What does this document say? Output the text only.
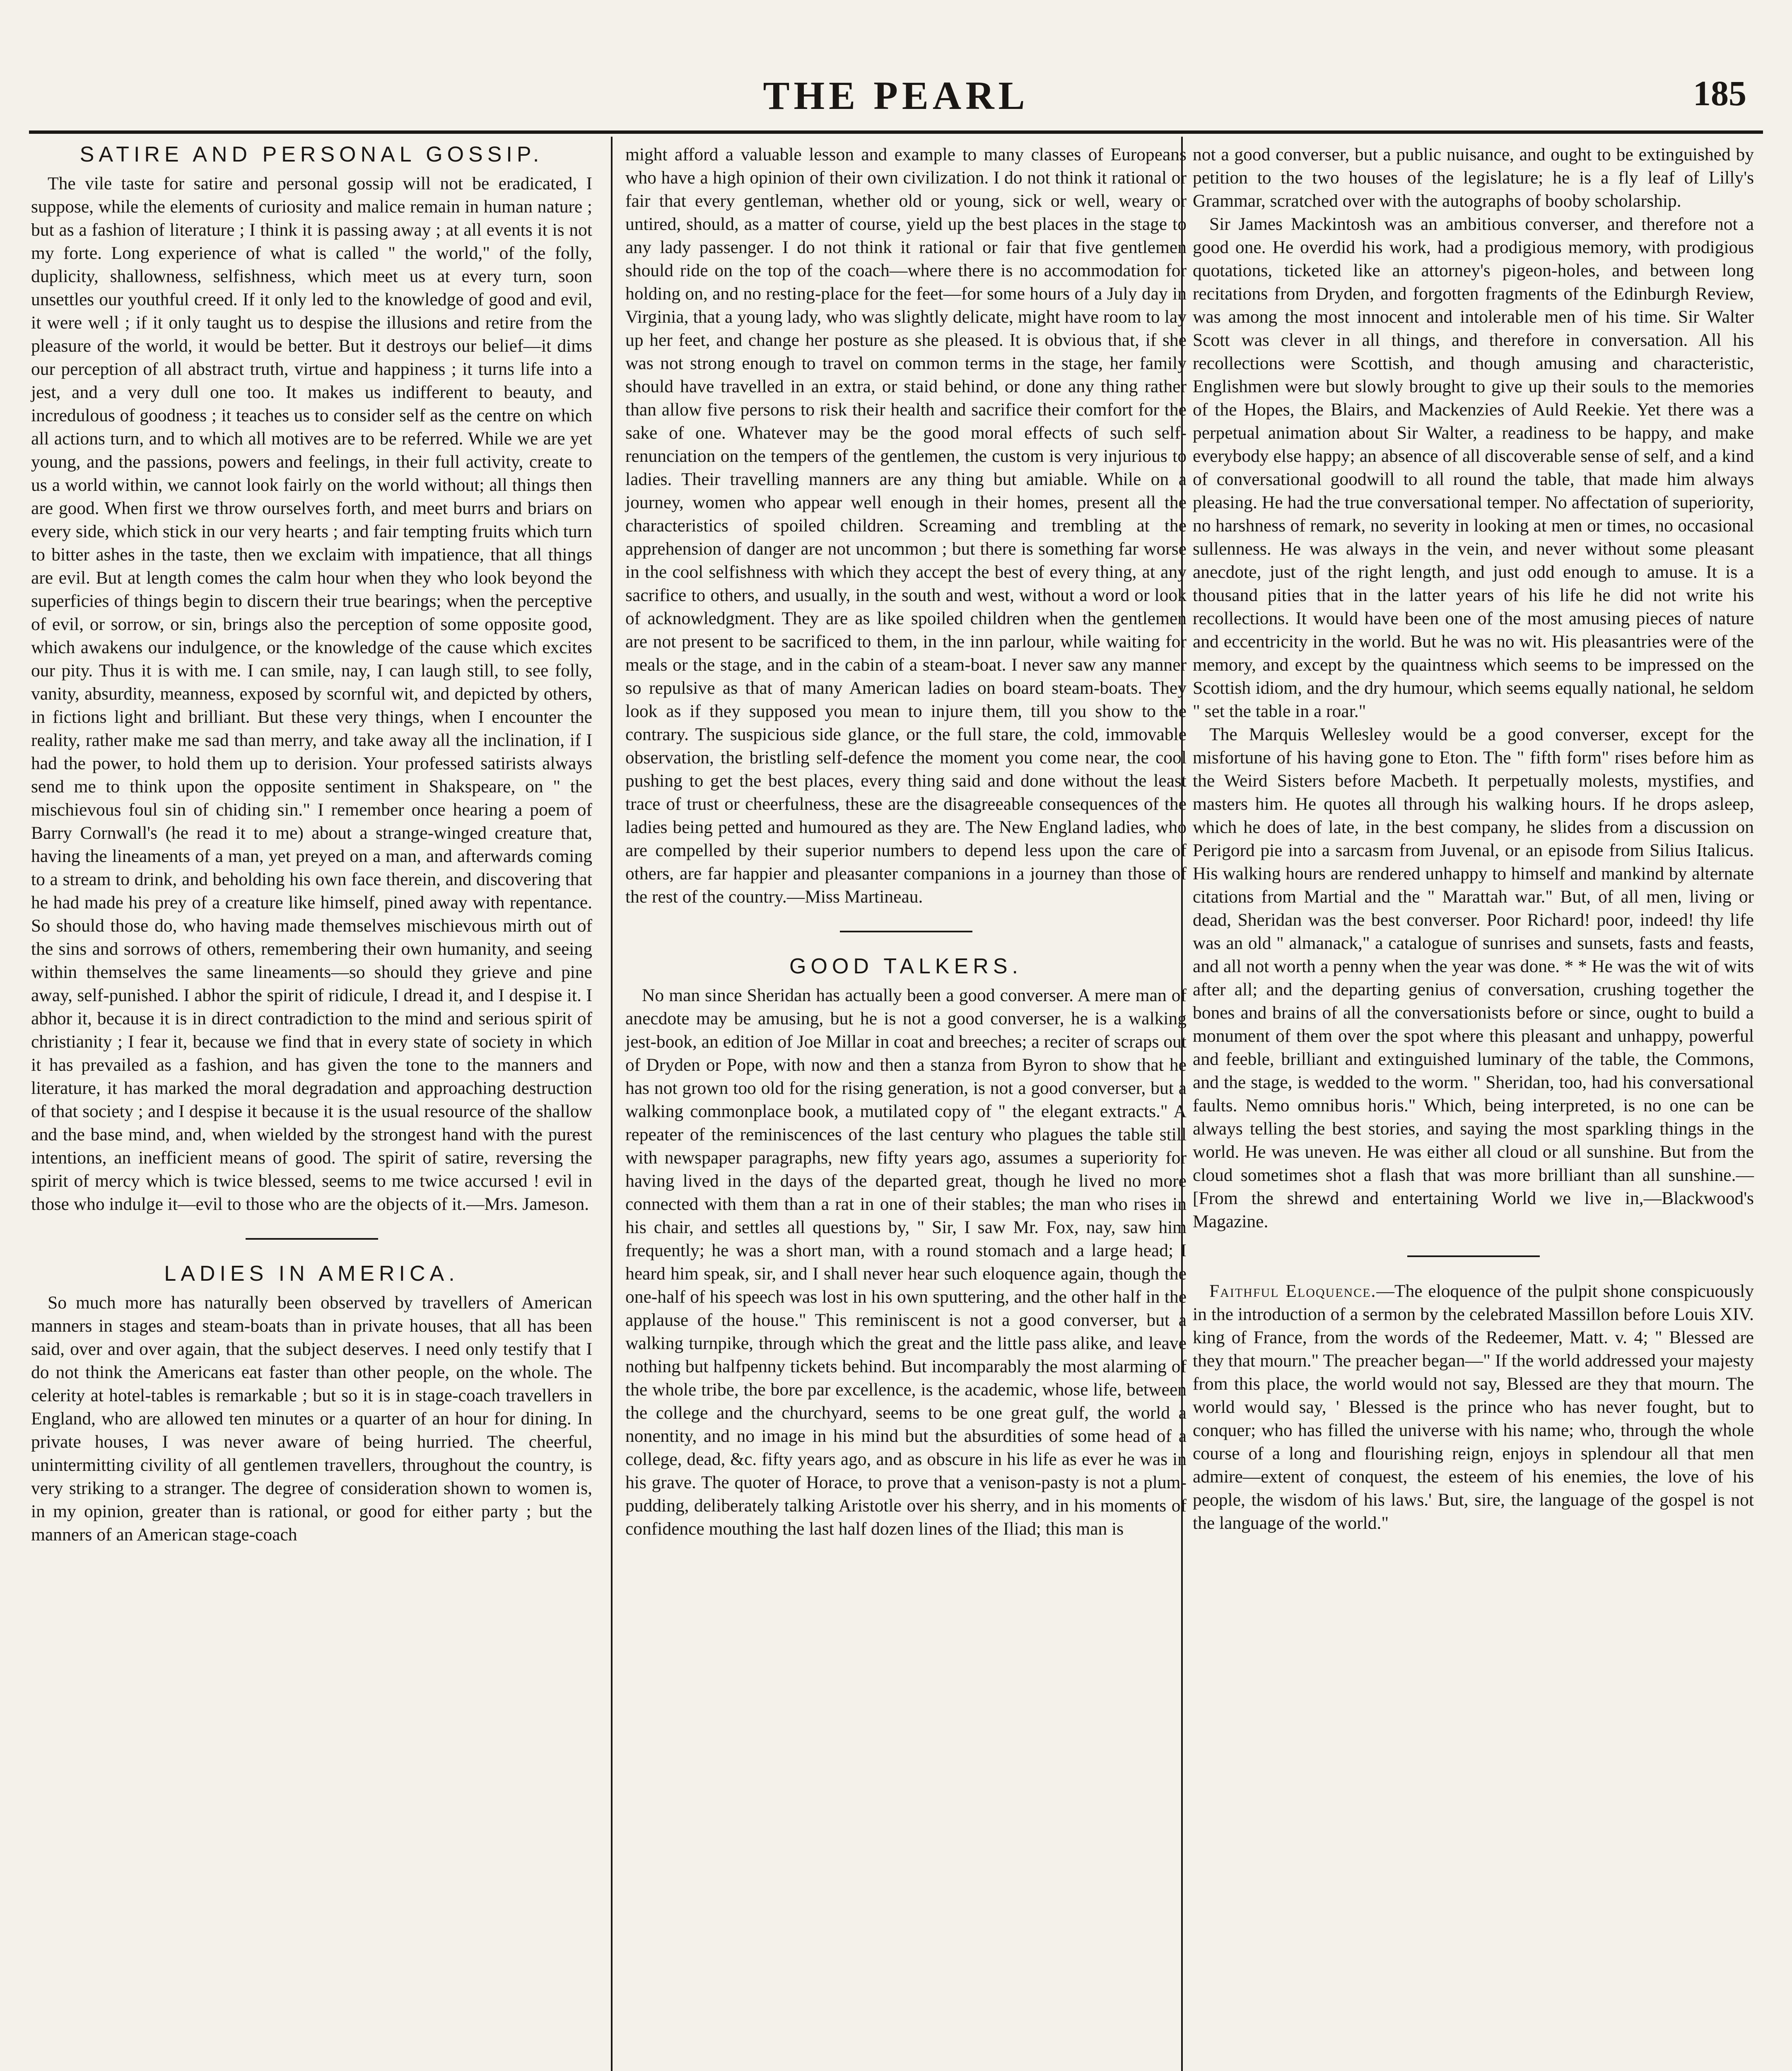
THE PEARL	185
SATIRE AND PERSONAL GOSSIP.

The vile taste for satire and personal gossip will not be eradicated, I suppose, while the elements of curiosity and malice remain in human nature ; but as a fashion of literature ; I think it is passing away ; at all events it is not my forte. Long experience of what is called " the world," of the folly, duplicity, shallowness, selfishness, which meet us at every turn, soon unsettles our youthful creed. If it only led to the knowledge of good and evil, it were well ; if it only taught us to despise the illusions and retire from the pleasure of the world, it would be better. But it destroys our belief—it dims our perception of all abstract truth, virtue and happiness ; it turns life into a jest, and a very dull one too. It makes us indifferent to beauty, and incredulous of goodness ; it teaches us to consider self as the centre on which all actions turn, and to which all motives are to be referred. While we are yet young, and the passions, powers and feelings, in their full activity, create to us a world within, we cannot look fairly on the world without; all things then are good. When first we throw ourselves forth, and meet burrs and briars on every side, which stick in our very hearts ; and fair tempting fruits which turn to bitter ashes in the taste, then we exclaim with impatience, that all things are evil. But at length comes the calm hour when they who look beyond the superficies of things begin to discern their true bearings; when the perceptive of evil, or sorrow, or sin, brings also the perception of some opposite good, which awakens our indulgence, or the knowledge of the cause which excites our pity. Thus it is with me. I can smile, nay, I can laugh still, to see folly, vanity, absurdity, meanness, exposed by scornful wit, and depicted by others, in fictions light and brilliant. But these very things, when I encounter the reality, rather make me sad than merry, and take away all the inclination, if I had the power, to hold them up to derision. Your professed satirists always send me to think upon the opposite sentiment in Shakspeare, on " the mischievous foul sin of chiding sin." I remember once hearing a poem of Barry Cornwall's (he read it to me) about a strange-winged creature that, having the lineaments of a man, yet preyed on a man, and afterwards coming to a stream to drink, and beholding his own face therein, and discovering that he had made his prey of a creature like himself, pined away with repentance. So should those do, who having made themselves mischievous mirth out of the sins and sorrows of others, remembering their own humanity, and seeing within themselves the same lineaments—so should they grieve and pine away, self-punished. I abhor the spirit of ridicule, I dread it, and I despise it. I abhor it, because it is in direct contradiction to the mind and serious spirit of christianity ; I fear it, because we find that in every state of society in which it has prevailed as a fashion, and has given the tone to the manners and literature, it has marked the moral degradation and approaching destruction of that society ; and I despise it because it is the usual resource of the shallow and the base mind, and, when wielded by the strongest hand with the purest intentions, an inefficient means of good. The spirit of satire, reversing the spirit of mercy which is twice blessed, seems to me twice accursed ! evil in those who indulge it—evil to those who are the objects of it.—Mrs. Jameson.

LADIES IN AMERICA.

So much more has naturally been observed by travellers of American manners in stages and steam-boats than in private houses, that all has been said, over and over again, that the subject deserves. I need only testify that I do not think the Americans eat faster than other people, on the whole. The celerity at hotel-tables is remarkable ; but so it is in stage-coach travellers in England, who are allowed ten minutes or a quarter of an hour for dining. In private houses, I was never aware of being hurried. The cheerful, unintermitting civility of all gentlemen travellers, throughout the country, is very striking to a stranger. The degree of consideration shown to women is, in my opinion, greater than is rational, or good for either party ; but the manners of an American stage-coach

might afford a valuable lesson and example to many classes of Europeans who have a high opinion of their own civilization. I do not think it rational or fair that every gentleman, whether old or young, sick or well, weary or untired, should, as a matter of course, yield up the best places in the stage to any lady passenger. I do not think it rational or fair that five gentlemen should ride on the top of the coach—where there is no accommodation for holding on, and no resting-place for the feet—for some hours of a July day in Virginia, that a young lady, who was slightly delicate, might have room to lay up her feet, and change her posture as she pleased. It is obvious that, if she was not strong enough to travel on common terms in the stage, her family should have travelled in an extra, or staid behind, or done any thing rather than allow five persons to risk their health and sacrifice their comfort for the sake of one. Whatever may be the good moral effects of such self-renunciation on the tempers of the gentlemen, the custom is very injurious to ladies. Their travelling manners are any thing but amiable. While on a journey, women who appear well enough in their homes, present all the characteristics of spoiled children. Screaming and trembling at the apprehension of danger are not uncommon ; but there is something far worse in the cool selfishness with which they accept the best of every thing, at any sacrifice to others, and usually, in the south and west, without a word or look of acknowledgment. They are as like spoiled children when the gentlemen are not present to be sacrificed to them, in the inn parlour, while waiting for meals or the stage, and in the cabin of a steam-boat. I never saw any manner so repulsive as that of many American ladies on board steam-boats. They look as if they supposed you mean to injure them, till you show to the contrary. The suspicious side glance, or the full stare, the cold, immovable observation, the bristling self-defence the moment you come near, the cool pushing to get the best places, every thing said and done without the least trace of trust or cheerfulness, these are the disagreeable consequences of the ladies being petted and humoured as they are. The New England ladies, who are compelled by their superior numbers to depend less upon the care of others, are far happier and pleasanter companions in a journey than those of the rest of the country.—Miss Martineau.

GOOD TALKERS.

No man since Sheridan has actually been a good converser. A mere man of anecdote may be amusing, but he is not a good converser, he is a walking jest-book, an edition of Joe Millar in coat and breeches; a reciter of scraps out of Dryden or Pope, with now and then a stanza from Byron to show that he has not grown too old for the rising generation, is not a good converser, but a walking commonplace book, a mutilated copy of " the elegant extracts." A repeater of the reminiscences of the last century who plagues the table still with newspaper paragraphs, new fifty years ago, assumes a superiority for having lived in the days of the departed great, though he lived no more connected with them than a rat in one of their stables; the man who rises in his chair, and settles all questions by, " Sir, I saw Mr. Fox, nay, saw him frequently; he was a short man, with a round stomach and a large head; I heard him speak, sir, and I shall never hear such eloquence again, though the one-half of his speech was lost in his own sputtering, and the other half in the applause of the house." This reminiscent is not a good converser, but a walking turnpike, through which the great and the little pass alike, and leave nothing but halfpenny tickets behind. But incomparably the most alarming of the whole tribe, the bore par excellence, is the academic, whose life, between the college and the churchyard, seems to be one great gulf, the world a nonentity, and no image in his mind but the absurdities of some head of a college, dead, &c. fifty years ago, and as obscure in his life as ever he was in his grave. The quoter of Horace, to prove that a venison-pasty is not a plum-pudding, deliberately talking Aristotle over his sherry, and in his moments of confidence mouthing the last half dozen lines of the Iliad; this man is

not a good converser, but a public nuisance, and ought to be extinguished by petition to the two houses of the legislature; he is a fly leaf of Lilly's Grammar, scratched over with the autographs of booby scholarship.

Sir James Mackintosh was an ambitious converser, and therefore not a good one. He overdid his work, had a prodigious memory, with prodigious quotations, ticketed like an attorney's pigeon-holes, and between long recitations from Dryden, and forgotten fragments of the Edinburgh Review, was among the most innocent and intolerable men of his time. Sir Walter Scott was clever in all things, and therefore in conversation. All his recollections were Scottish, and though amusing and characteristic, Englishmen were but slowly brought to give up their souls to the memories of the Hopes, the Blairs, and Mackenzies of Auld Reekie. Yet there was a perpetual animation about Sir Walter, a readiness to be happy, and make everybody else happy; an absence of all discoverable sense of self, and a kind of conversational goodwill to all round the table, that made him always pleasing. He had the true conversational temper. No affectation of superiority, no harshness of remark, no severity in looking at men or times, no occasional sullenness. He was always in the vein, and never without some pleasant anecdote, just of the right length, and just odd enough to amuse. It is a thousand pities that in the latter years of his life he did not write his recollections. It would have been one of the most amusing pieces of nature and eccentricity in the world. But he was no wit. His pleasantries were of the memory, and except by the quaintness which seems to be impressed on the Scottish idiom, and the dry humour, which seems equally national, he seldom " set the table in a roar."

The Marquis Wellesley would be a good converser, except for the misfortune of his having gone to Eton. The " fifth form" rises before him as the Weird Sisters before Macbeth. It perpetually molests, mystifies, and masters him. He quotes all through his walking hours. If he drops asleep, which he does of late, in the best company, he slides from a discussion on Perigord pie into a sarcasm from Juvenal, or an episode from Silius Italicus. His walking hours are rendered unhappy to himself and mankind by alternate citations from Martial and the " Marattah war." But, of all men, living or dead, Sheridan was the best converser. Poor Richard! poor, indeed! thy life was an old " almanack," a catalogue of sunrises and sunsets, fasts and feasts, and all not worth a penny when the year was done. * * He was the wit of wits after all; and the departing genius of conversation, crushing together the bones and brains of all the conversationists before or since, ought to build a monument of them over the spot where this pleasant and unhappy, powerful and feeble, brilliant and extinguished luminary of the table, the Commons, and the stage, is wedded to the worm. " Sheridan, too, had his conversational faults. Nemo omnibus horis." Which, being interpreted, is no one can be always telling the best stories, and saying the most sparkling things in the world. He was uneven. He was either all cloud or all sunshine. But from the cloud sometimes shot a flash that was more brilliant than all sunshine.—[From the shrewd and entertaining World we live in,—Blackwood's Magazine.

Faithful Eloquence.—The eloquence of the pulpit shone conspicuously in the introduction of a sermon by the celebrated Massillon before Louis XIV. king of France, from the words of the Redeemer, Matt. v. 4; " Blessed are they that mourn." The preacher began—" If the world addressed your majesty from this place, the world would not say, Blessed are they that mourn. The world would say, ' Blessed is the prince who has never fought, but to conquer; who has filled the universe with his name; who, through the whole course of a long and flourishing reign, enjoys in splendour all that men admire—extent of conquest, the esteem of his enemies, the love of his people, the wisdom of his laws.' But, sire, the language of the gospel is not the language of the world."
